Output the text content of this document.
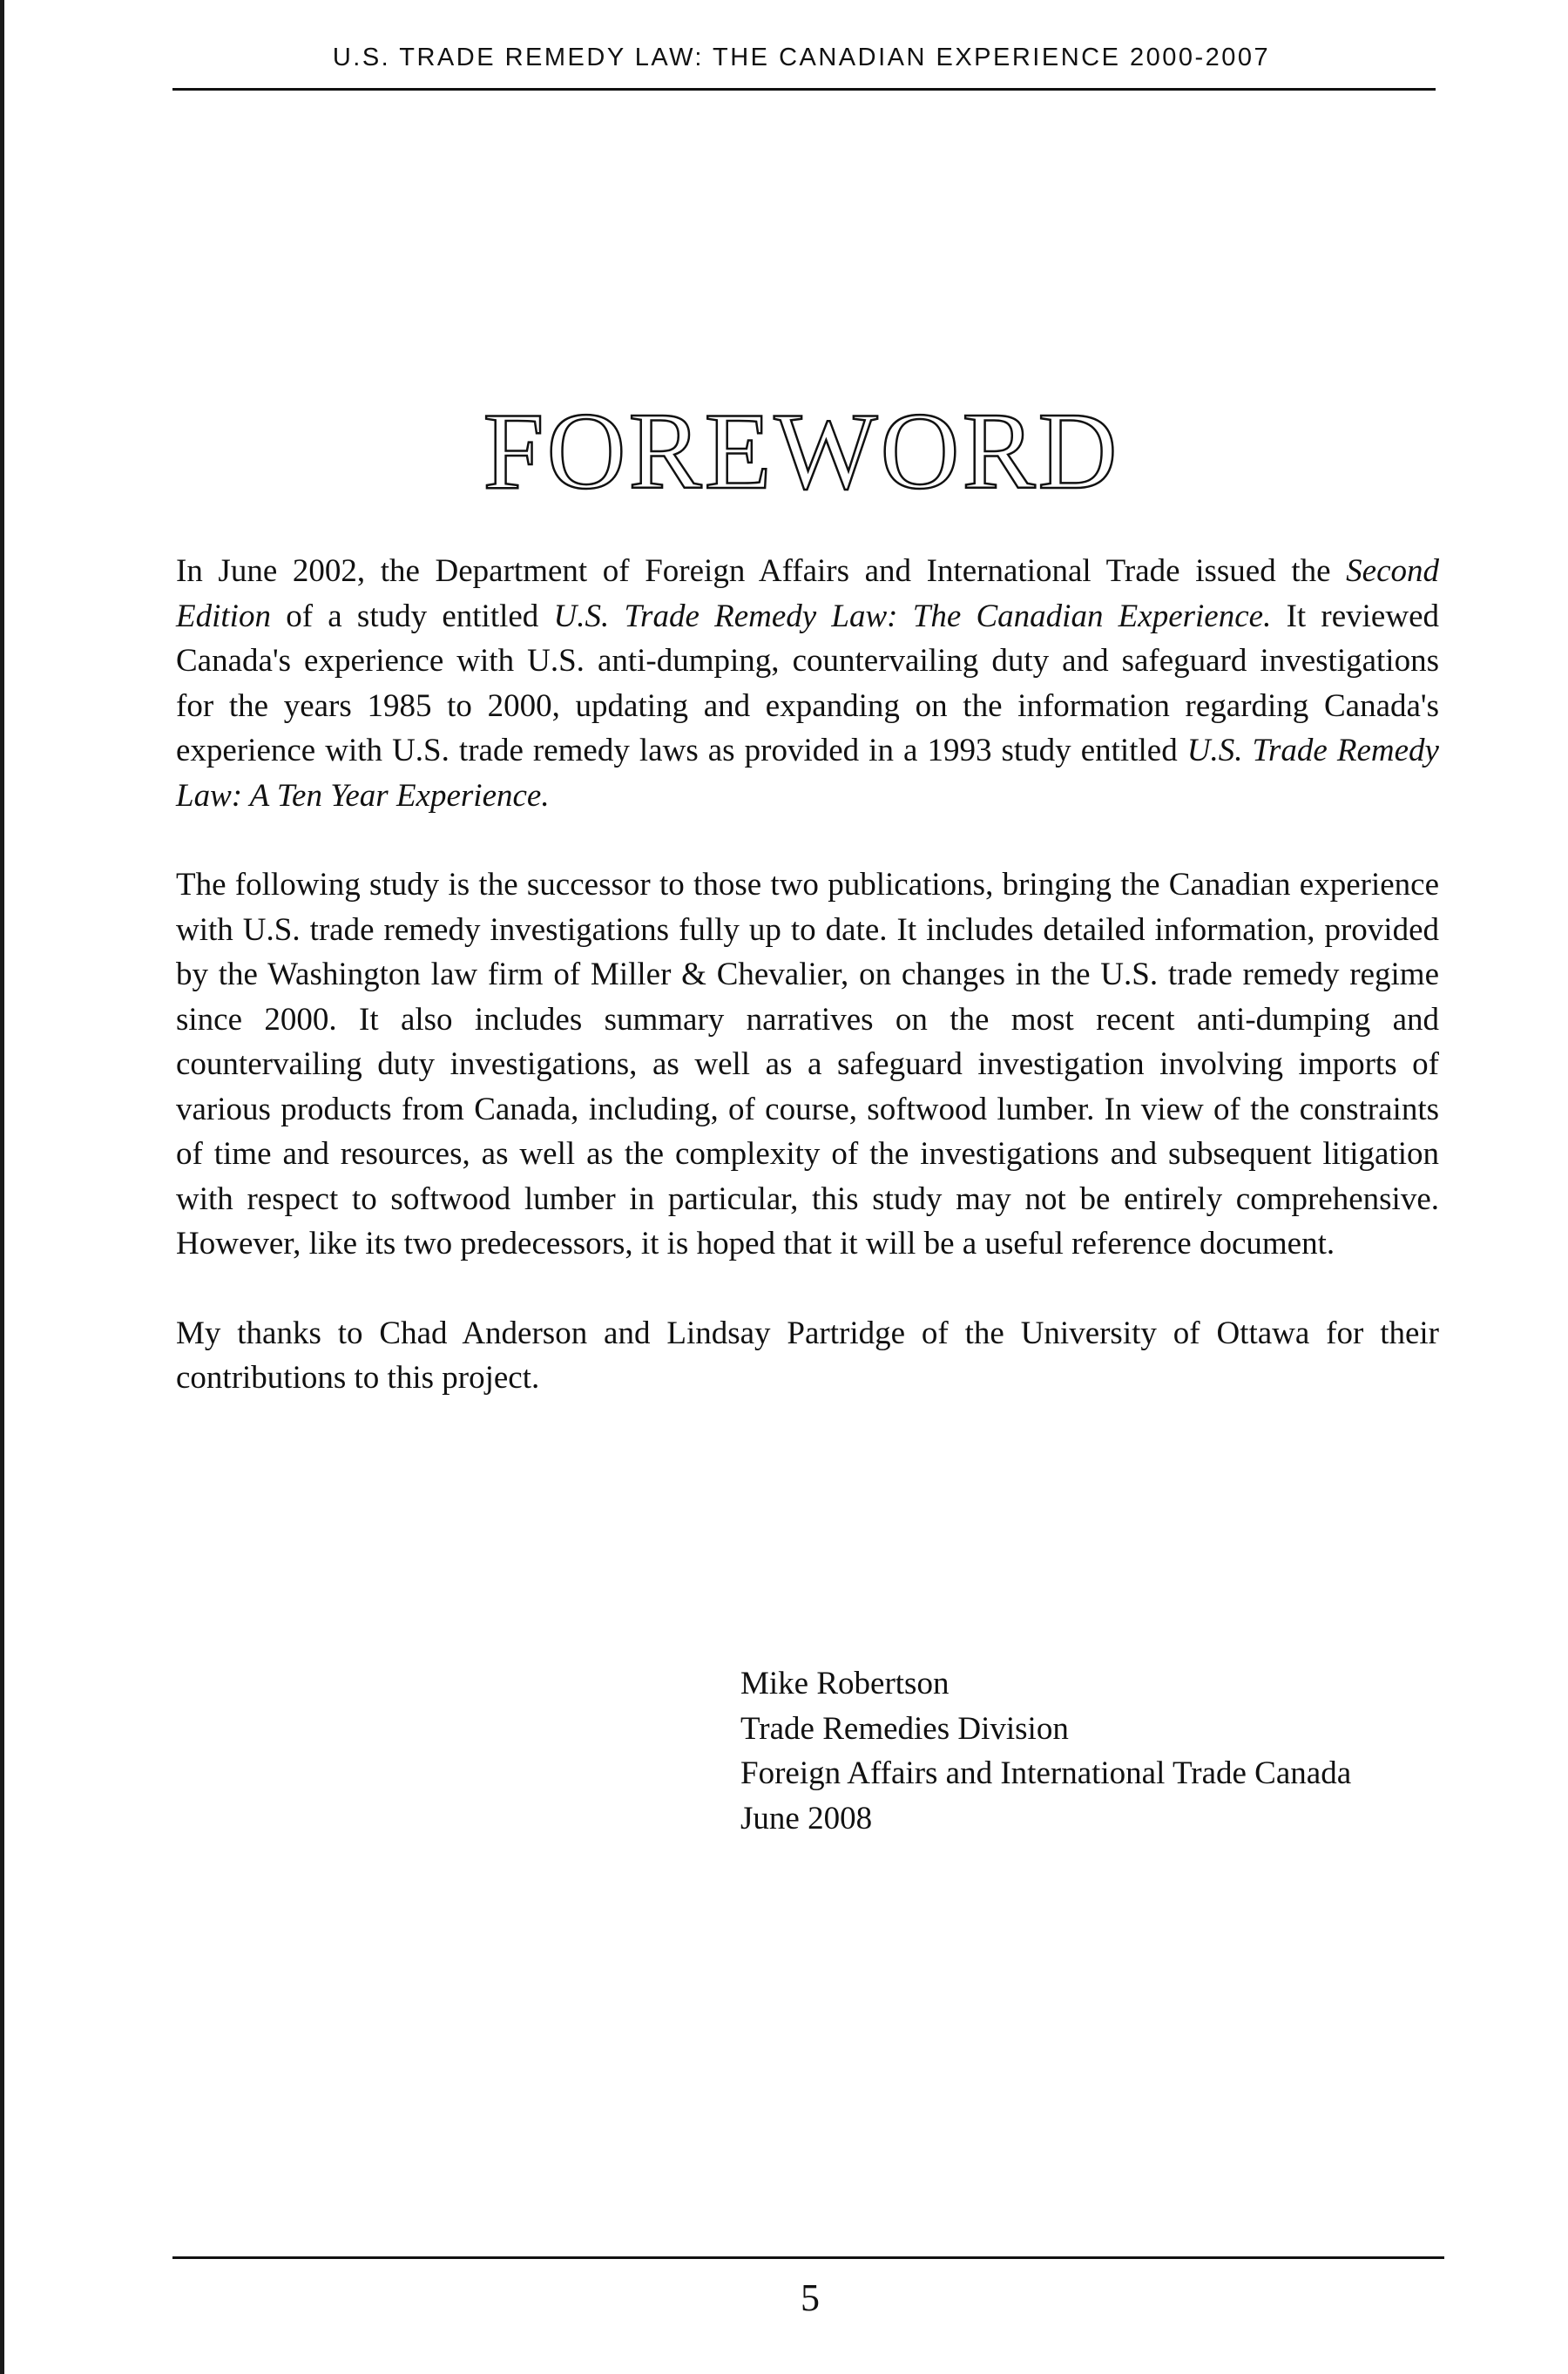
U.S. TRADE REMEDY LAW: THE CANADIAN EXPERIENCE 2000-2007
FOREWORD

In June 2002, the Department of Foreign Affairs and International Trade issued the Second Edition of a study entitled U.S. Trade Remedy Law: The Canadian Experience. It reviewed Canada's experience with U.S. anti-dumping, countervailing duty and safeguard investigations for the years 1985 to 2000, updating and expanding on the information regarding Canada's experience with U.S. trade remedy laws as provided in a 1993 study entitled U.S. Trade Remedy Law: A Ten Year Experience.

The following study is the successor to those two publications, bringing the Canadian experience with U.S. trade remedy investigations fully up to date. It includes detailed information, provided by the Washington law firm of Miller & Chevalier, on changes in the U.S. trade remedy regime since 2000. It also includes summary narratives on the most recent anti-dumping and countervailing duty investigations, as well as a safeguard investigation involving imports of various products from Canada, including, of course, softwood lumber. In view of the constraints of time and resources, as well as the complexity of the investigations and subsequent litigation with respect to softwood lumber in particular, this study may not be entirely comprehensive. However, like its two predecessors, it is hoped that it will be a useful reference document.

My thanks to Chad Anderson and Lindsay Partridge of the University of Ottawa for their contributions to this project.

Mike Robertson
Trade Remedies Division
Foreign Affairs and International Trade Canada
June 2008
5
